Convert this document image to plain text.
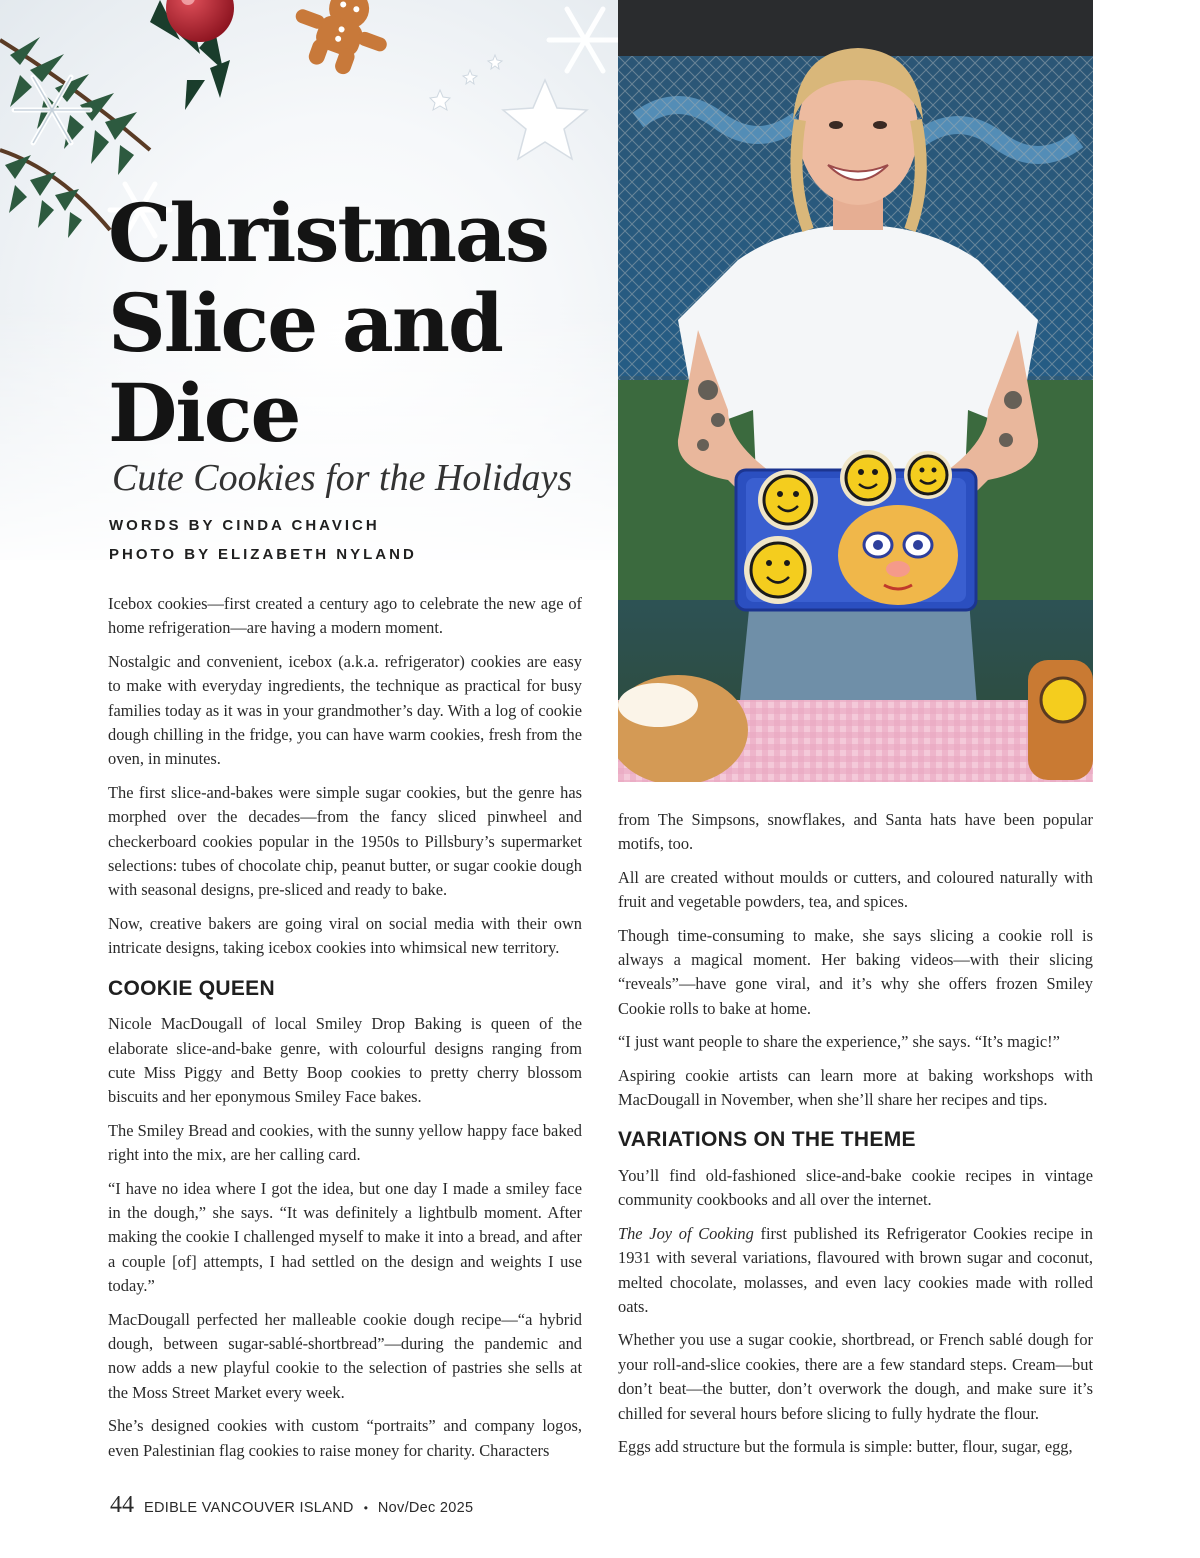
Christmas
Slice and
Dice
Cute Cookies for the Holidays
WORDS BY CINDA CHAVICH
PHOTO BY ELIZABETH NYLAND

Icebox cookies—first created a century ago to celebrate the new age of home refrigeration—are having a modern moment.

Nostalgic and convenient, icebox (a.k.a. refrigerator) cookies are easy to make with everyday ingredients, the technique as practical for busy families today as it was in your grandmother’s day. With a log of cookie dough chilling in the fridge, you can have warm cookies, fresh from the oven, in minutes.

The first slice-and-bakes were simple sugar cookies, but the genre has morphed over the decades—from the fancy sliced pinwheel and checkerboard cookies popular in the 1950s to Pillsbury’s supermarket selections: tubes of chocolate chip, peanut butter, or sugar cookie dough with seasonal designs, pre-sliced and ready to bake.

Now, creative bakers are going viral on social media with their own intricate designs, taking icebox cookies into whimsical new territory.

COOKIE QUEEN

Nicole MacDougall of local Smiley Drop Baking is queen of the elaborate slice-and-bake genre, with colourful designs ranging from cute Miss Piggy and Betty Boop cookies to pretty cherry blossom biscuits and her eponymous Smiley Face bakes.

The Smiley Bread and cookies, with the sunny yellow happy face baked right into the mix, are her calling card.

“I have no idea where I got the idea, but one day I made a smiley face in the dough,” she says. “It was definitely a lightbulb moment. After making the cookie I challenged myself to make it into a bread, and after a couple [of] attempts, I had settled on the design and weights I use today.”

MacDougall perfected her malleable cookie dough recipe—“a hybrid dough, between sugar-sablé-shortbread”—during the pandemic and now adds a new playful cookie to the selection of pastries she sells at the Moss Street Market every week.

She’s designed cookies with custom “portraits” and company logos, even Palestinian flag cookies to raise money for charity. Characters

from The Simpsons, snowflakes, and Santa hats have been popular motifs, too.

All are created without moulds or cutters, and coloured naturally with fruit and vegetable powders, tea, and spices.

Though time-consuming to make, she says slicing a cookie roll is always a magical moment. Her baking videos—with their slicing “reveals”—have gone viral, and it’s why she offers frozen Smiley Cookie rolls to bake at home.

“I just want people to share the experience,” she says. “It’s magic!”

Aspiring cookie artists can learn more at baking workshops with MacDougall in November, when she’ll share her recipes and tips.

VARIATIONS ON THE THEME

You’ll find old-fashioned slice-and-bake cookie recipes in vintage community cookbooks and all over the internet.

The Joy of Cooking first published its Refrigerator Cookies recipe in 1931 with several variations, flavoured with brown sugar and coconut, melted chocolate, molasses, and even lacy cookies made with rolled oats.

Whether you use a sugar cookie, shortbread, or French sablé dough for your roll-and-slice cookies, there are a few standard steps. Cream—but don’t beat—the butter, don’t overwork the dough, and make sure it’s chilled for several hours before slicing to fully hydrate the flour.

Eggs add structure but the formula is simple: butter, flour, sugar, egg,

44 EDIBLE VANCOUVER ISLAND • Nov/Dec 2025
